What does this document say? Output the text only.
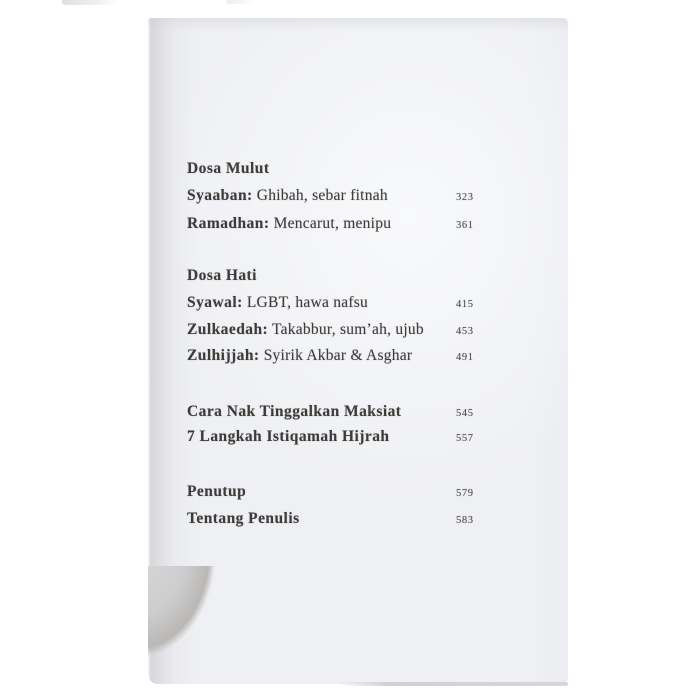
Dosa Mulut
Syaaban: Ghibah, sebar fitnah	323
Ramadhan: Mencarut, menipu	361
Dosa Hati
Syawal: LGBT, hawa nafsu	415
Zulkaedah: Takabbur, sum’ah, ujub	453
Zulhijjah: Syirik Akbar & Asghar	491
Cara Nak Tinggalkan Maksiat	545
7 Langkah Istiqamah Hijrah	557
Penutup	579
Tentang Penulis	583
